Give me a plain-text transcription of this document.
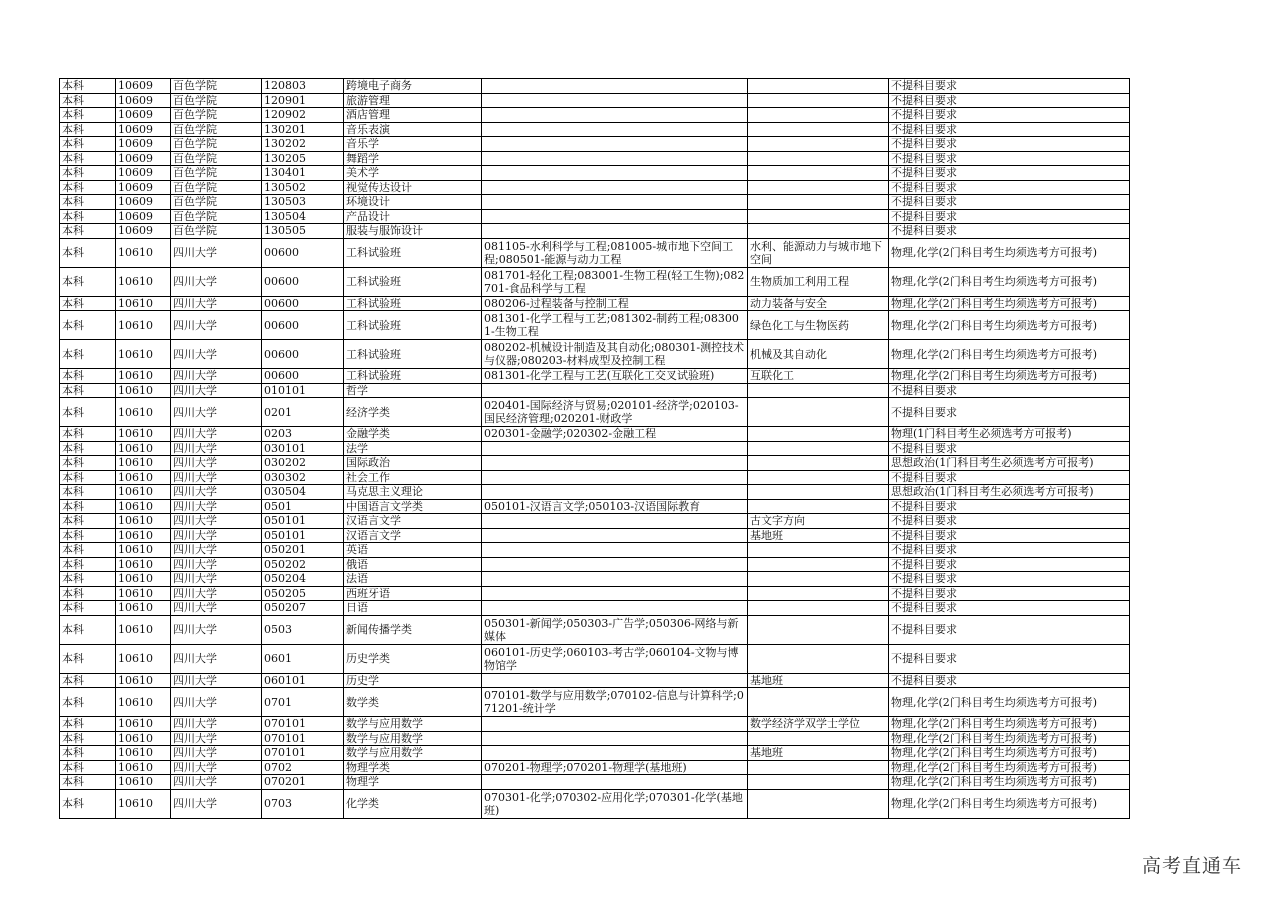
本科	10609	百色学院	120803	跨境电子商务			不提科目要求
本科	10609	百色学院	120901	旅游管理			不提科目要求
本科	10609	百色学院	120902	酒店管理			不提科目要求
本科	10609	百色学院	130201	音乐表演			不提科目要求
本科	10609	百色学院	130202	音乐学			不提科目要求
本科	10609	百色学院	130205	舞蹈学			不提科目要求
本科	10609	百色学院	130401	美术学			不提科目要求
本科	10609	百色学院	130502	视觉传达设计			不提科目要求
本科	10609	百色学院	130503	环境设计			不提科目要求
本科	10609	百色学院	130504	产品设计			不提科目要求
本科	10609	百色学院	130505	服装与服饰设计			不提科目要求
本科	10610	四川大学	00600	工科试验班	081105-水利科学与工程;081005-城市地下空间工程;080501-能源与动力工程	水利、能源动力与城市地下空间	物理,化学(2门科目考生均须选考方可报考)
本科	10610	四川大学	00600	工科试验班	081701-轻化工程;083001-生物工程(轻工生物);082701-食品科学与工程	生物质加工利用工程	物理,化学(2门科目考生均须选考方可报考)
本科	10610	四川大学	00600	工科试验班	080206-过程装备与控制工程	动力装备与安全	物理,化学(2门科目考生均须选考方可报考)
本科	10610	四川大学	00600	工科试验班	081301-化学工程与工艺;081302-制药工程;083001-生物工程	绿色化工与生物医药	物理,化学(2门科目考生均须选考方可报考)
本科	10610	四川大学	00600	工科试验班	080202-机械设计制造及其自动化;080301-测控技术与仪器;080203-材料成型及控制工程	机械及其自动化	物理,化学(2门科目考生均须选考方可报考)
本科	10610	四川大学	00600	工科试验班	081301-化学工程与工艺(互联化工交叉试验班)	互联化工	物理,化学(2门科目考生均须选考方可报考)
本科	10610	四川大学	010101	哲学			不提科目要求
本科	10610	四川大学	0201	经济学类	020401-国际经济与贸易;020101-经济学;020103-国民经济管理;020201-财政学		不提科目要求
本科	10610	四川大学	0203	金融学类	020301-金融学;020302-金融工程		物理(1门科目考生必须选考方可报考)
本科	10610	四川大学	030101	法学			不提科目要求
本科	10610	四川大学	030202	国际政治			思想政治(1门科目考生必须选考方可报考)
本科	10610	四川大学	030302	社会工作			不提科目要求
本科	10610	四川大学	030504	马克思主义理论			思想政治(1门科目考生必须选考方可报考)
本科	10610	四川大学	0501	中国语言文学类	050101-汉语言文学;050103-汉语国际教育		不提科目要求
本科	10610	四川大学	050101	汉语言文学		古文字方向	不提科目要求
本科	10610	四川大学	050101	汉语言文学		基地班	不提科目要求
本科	10610	四川大学	050201	英语			不提科目要求
本科	10610	四川大学	050202	俄语			不提科目要求
本科	10610	四川大学	050204	法语			不提科目要求
本科	10610	四川大学	050205	西班牙语			不提科目要求
本科	10610	四川大学	050207	日语			不提科目要求
本科	10610	四川大学	0503	新闻传播学类	050301-新闻学;050303-广告学;050306-网络与新媒体		不提科目要求
本科	10610	四川大学	0601	历史学类	060101-历史学;060103-考古学;060104-文物与博物馆学		不提科目要求
本科	10610	四川大学	060101	历史学		基地班	不提科目要求
本科	10610	四川大学	0701	数学类	070101-数学与应用数学;070102-信息与计算科学;071201-统计学		物理,化学(2门科目考生均须选考方可报考)
本科	10610	四川大学	070101	数学与应用数学		数学经济学双学士学位	物理,化学(2门科目考生均须选考方可报考)
本科	10610	四川大学	070101	数学与应用数学			物理,化学(2门科目考生均须选考方可报考)
本科	10610	四川大学	070101	数学与应用数学		基地班	物理,化学(2门科目考生均须选考方可报考)
本科	10610	四川大学	0702	物理学类	070201-物理学;070201-物理学(基地班)		物理,化学(2门科目考生均须选考方可报考)
本科	10610	四川大学	070201	物理学			物理,化学(2门科目考生均须选考方可报考)
本科	10610	四川大学	0703	化学类	070301-化学;070302-应用化学;070301-化学(基地班)		物理,化学(2门科目考生均须选考方可报考)
高考直通车
